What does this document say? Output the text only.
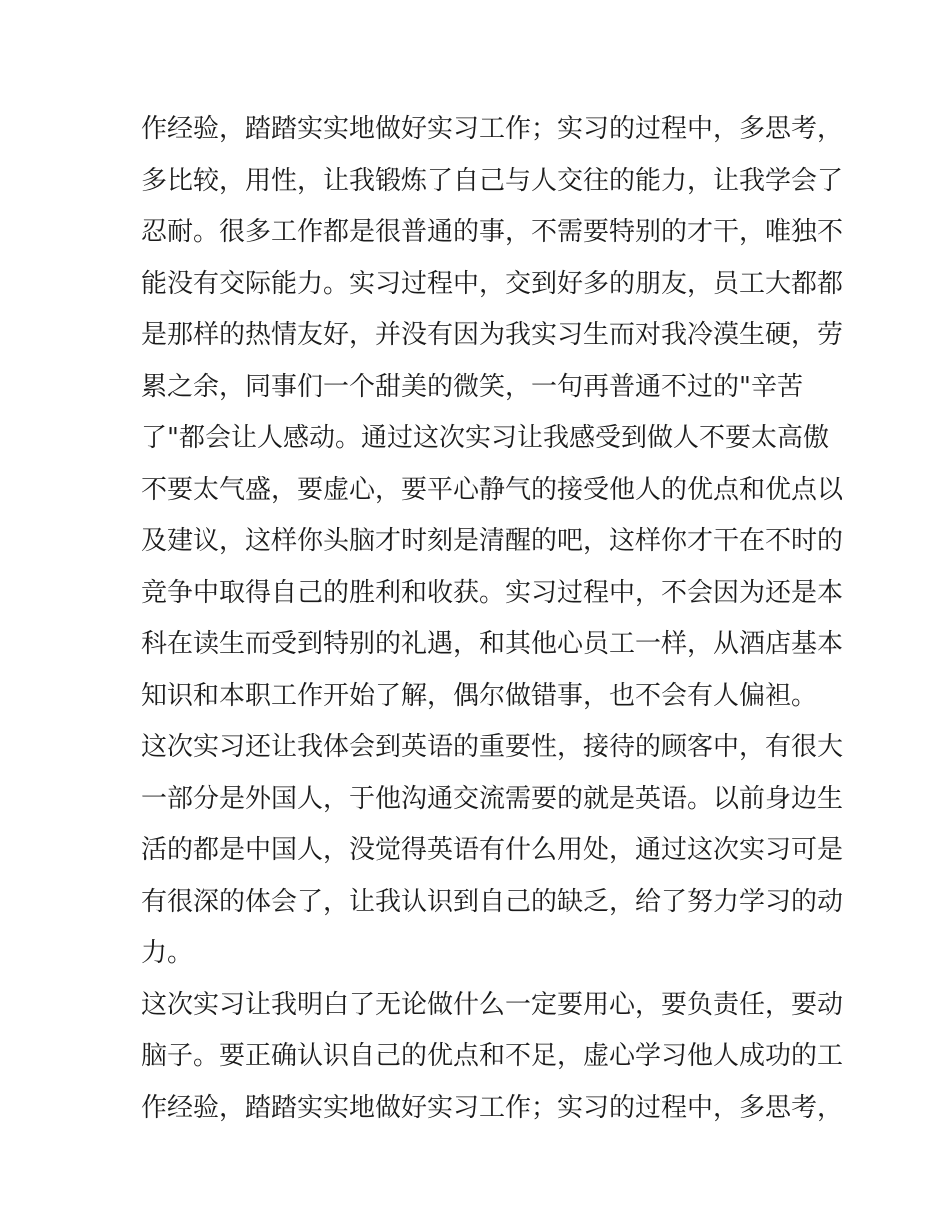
作经验，踏踏实实地做好实习工作；实习的过程中，多思考，
多比较，用性，让我锻炼了自己与人交往的能力，让我学会了
忍耐。很多工作都是很普通的事，不需要特别的才干，唯独不
能没有交际能力。实习过程中，交到好多的朋友，员工大都都
是那样的热情友好，并没有因为我实习生而对我冷漠生硬，劳
累之余，同事们一个甜美的微笑，一句再普通不过的"辛苦
了"都会让人感动。通过这次实习让我感受到做人不要太高傲
不要太气盛，要虚心，要平心静气的接受他人的优点和优点以
及建议，这样你头脑才时刻是清醒的吧，这样你才干在不时的
竞争中取得自己的胜利和收获。实习过程中，不会因为还是本
科在读生而受到特别的礼遇，和其他心员工一样，从酒店基本
知识和本职工作开始了解，偶尔做错事，也不会有人偏袒。
这次实习还让我体会到英语的重要性，接待的顾客中，有很大
一部分是外国人，于他沟通交流需要的就是英语。以前身边生
活的都是中国人，没觉得英语有什么用处，通过这次实习可是
有很深的体会了，让我认识到自己的缺乏，给了努力学习的动
力。
这次实习让我明白了无论做什么一定要用心，要负责任，要动
脑子。要正确认识自己的优点和不足，虚心学习他人成功的工
作经验，踏踏实实地做好实习工作；实习的过程中，多思考，
